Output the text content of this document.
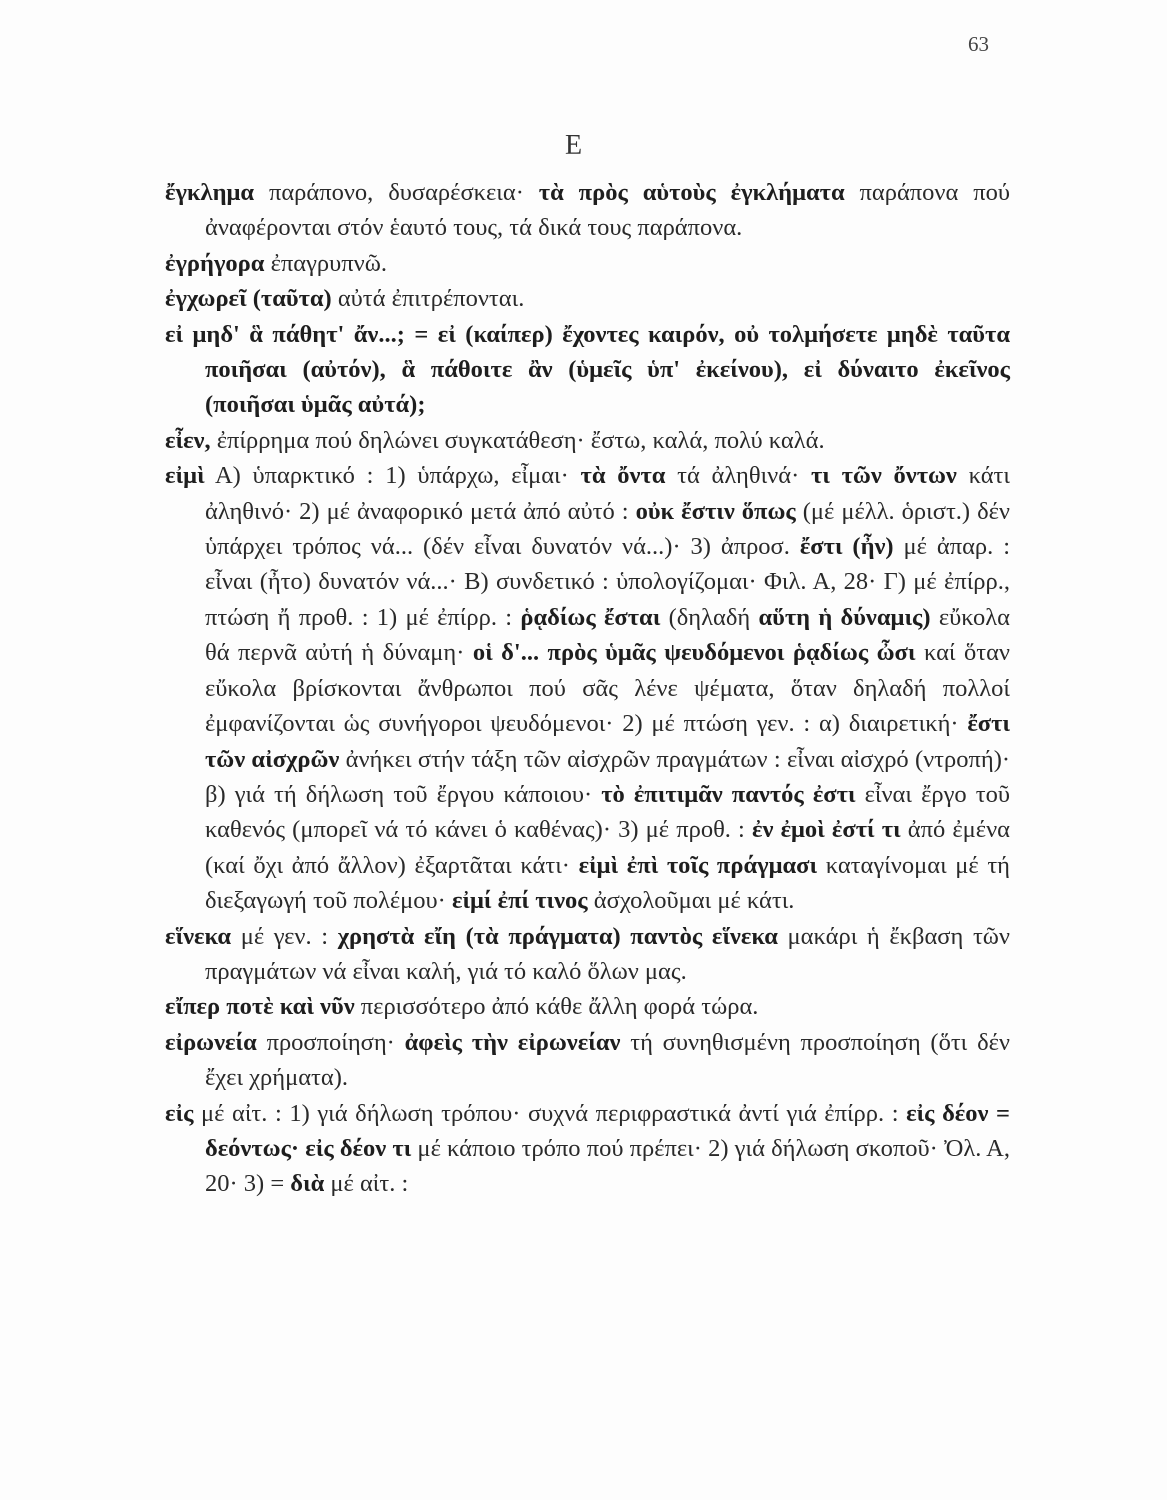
63
Ε

ἔγκλημα παράπονο, δυσαρέσκεια· τὰ πρὸς αὑτοὺς ἐγκλήματα παράπονα πού ἀναφέρονται στόν ἑαυτό τους, τά δικά τους παράπονα.

ἐγρήγορα ἐπαγρυπνῶ.

ἐγχωρεῖ (ταῦτα) αὐτά ἐπιτρέπονται.

εἰ μηδ' ἃ πάθητ' ἄν...; = εἰ (καίπερ) ἔχοντες καιρόν, οὐ τολμήσετε μηδὲ ταῦτα ποιῆσαι (αὐτόν), ἃ πάθοιτε ἂν (ὑμεῖς ὑπ' ἐκείνου), εἰ δύναιτο ἐκεῖνος (ποιῆσαι ὑμᾶς αὐτά);

εἶεν, ἐπίρρημα πού δηλώνει συγκατάθεση· ἔστω, καλά, πολύ καλά.

εἰμὶ Α) ὑπαρκτικό : 1) ὑπάρχω, εἶμαι· τὰ ὄντα τά ἀληθινά· τι τῶν ὄντων κάτι ἀληθινό· 2) μέ ἀναφορικό μετά ἀπό αὐτό : οὐκ ἔστιν ὅπως (μέ μέλλ. ὁριστ.) δέν ὑπάρχει τρόπος νά... (δέν εἶναι δυνατόν νά...)· 3) ἀπροσ. ἔστι (ἦν) μέ ἀπαρ. : εἶναι (ἦτο) δυνατόν νά...· Β) συνδετικό : ὑπολογίζομαι· Φιλ. Α, 28· Γ) μέ ἐπίρρ., πτώση ἤ προθ. : 1) μέ ἐπίρρ. : ῥᾳδίως ἔσται (δηλαδή αὕτη ἡ δύναμις) εὔκολα θά περνᾶ αὐτή ἡ δύναμη· οἱ δ'... πρὸς ὑμᾶς ψευδόμενοι ῥᾳδίως ὦσι καί ὅταν εὔκολα βρίσκονται ἄνθρωποι πού σᾶς λένε ψέματα, ὅταν δηλαδή πολλοί ἐμφανίζονται ὡς συνήγοροι ψευδόμενοι· 2) μέ πτώση γεν. : α) διαιρετική· ἔστι τῶν αἰσχρῶν ἀνήκει στήν τάξη τῶν αἰσχρῶν πραγμάτων : εἶναι αἰσχρό (ντροπή)· β) γιά τή δήλωση τοῦ ἔργου κάποιου· τὸ ἐπιτιμᾶν παντός ἐστι εἶναι ἔργο τοῦ καθενός (μπορεῖ νά τό κάνει ὁ καθένας)· 3) μέ προθ. : ἐν ἐμοὶ ἐστί τι ἀπό ἐμένα (καί ὄχι ἀπό ἄλλον) ἐξαρτᾶται κάτι· εἰμὶ ἐπὶ τοῖς πράγμασι καταγίνομαι μέ τή διεξαγωγή τοῦ πολέμου· εἰμί ἐπί τινος ἀσχολοῦμαι μέ κάτι.

εἵνεκα μέ γεν. : χρηστὰ εἴη (τὰ πράγματα) παντὸς εἵνεκα μακάρι ἡ ἔκβαση τῶν πραγμάτων νά εἶναι καλή, γιά τό καλό ὅλων μας.

εἴπερ ποτὲ καὶ νῦν περισσότερο ἀπό κάθε ἄλλη φορά τώρα.

εἰρωνεία προσποίηση· ἀφεὶς τὴν εἰρωνείαν τή συνηθισμένη προσποίηση (ὅτι δέν ἔχει χρήματα).

εἰς μέ αἰτ. : 1) γιά δήλωση τρόπου· συχνά περιφραστικά ἀντί γιά ἐπίρρ. : εἰς δέον = δεόντως· εἰς δέον τι μέ κάποιο τρόπο πού πρέπει· 2) γιά δήλωση σκοποῦ· Ὀλ. Α, 20· 3) = διὰ μέ αἰτ. :
